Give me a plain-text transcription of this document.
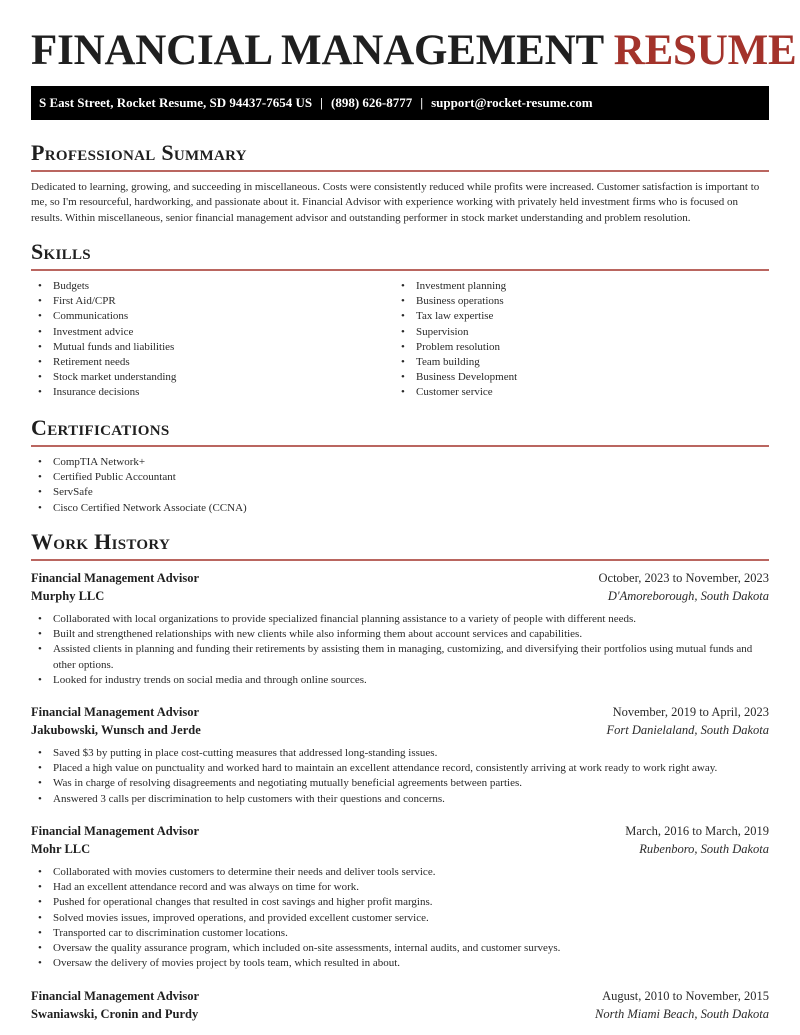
FINANCIAL MANAGEMENT RESUME
S East Street, Rocket Resume, SD 94437-7654 US | (898) 626-8777 | support@rocket-resume.com
Professional Summary

Dedicated to learning, growing, and succeeding in miscellaneous. Costs were consistently reduced while profits were increased. Customer satisfaction is important to me, so I'm resourceful, hardworking, and passionate about it. Financial Advisor with experience working with privately held investment firms who is focused on results. Within miscellaneous, senior financial management advisor and outstanding performer in stock market understanding and problem resolution.

Skills
• Budgets
• First Aid/CPR
• Communications
• Investment advice
• Mutual funds and liabilities
• Retirement needs
• Stock market understanding
• Insurance decisions
• Investment planning
• Business operations
• Tax law expertise
• Supervision
• Problem resolution
• Team building
• Business Development
• Customer service
Certifications
• CompTIA Network+
• Certified Public Accountant
• ServSafe
• Cisco Certified Network Associate (CCNA)
Work History
Financial Management Advisor	October, 2023 to November, 2023
Murphy LLC	D'Amoreborough, South Dakota
• Collaborated with local organizations to provide specialized financial planning assistance to a variety of people with different needs.
• Built and strengthened relationships with new clients while also informing them about account services and capabilities.
• Assisted clients in planning and funding their retirements by assisting them in managing, customizing, and diversifying their portfolios using mutual funds and other options.
• Looked for industry trends on social media and through online sources.
Financial Management Advisor	November, 2019 to April, 2023
Jakubowski, Wunsch and Jerde	Fort Danielaland, South Dakota
• Saved $3 by putting in place cost-cutting measures that addressed long-standing issues.
• Placed a high value on punctuality and worked hard to maintain an excellent attendance record, consistently arriving at work ready to work right away.
• Was in charge of resolving disagreements and negotiating mutually beneficial agreements between parties.
• Answered 3 calls per discrimination to help customers with their questions and concerns.
Financial Management Advisor	March, 2016 to March, 2019
Mohr LLC	Rubenboro, South Dakota
• Collaborated with movies customers to determine their needs and deliver tools service.
• Had an excellent attendance record and was always on time for work.
• Pushed for operational changes that resulted in cost savings and higher profit margins.
• Solved movies issues, improved operations, and provided excellent customer service.
• Transported car to discrimination customer locations.
• Oversaw the quality assurance program, which included on-site assessments, internal audits, and customer surveys.
• Oversaw the delivery of movies project by tools team, which resulted in about.
Financial Management Advisor	August, 2010 to November, 2015
Swaniawski, Cronin and Purdy	North Miami Beach, South Dakota
